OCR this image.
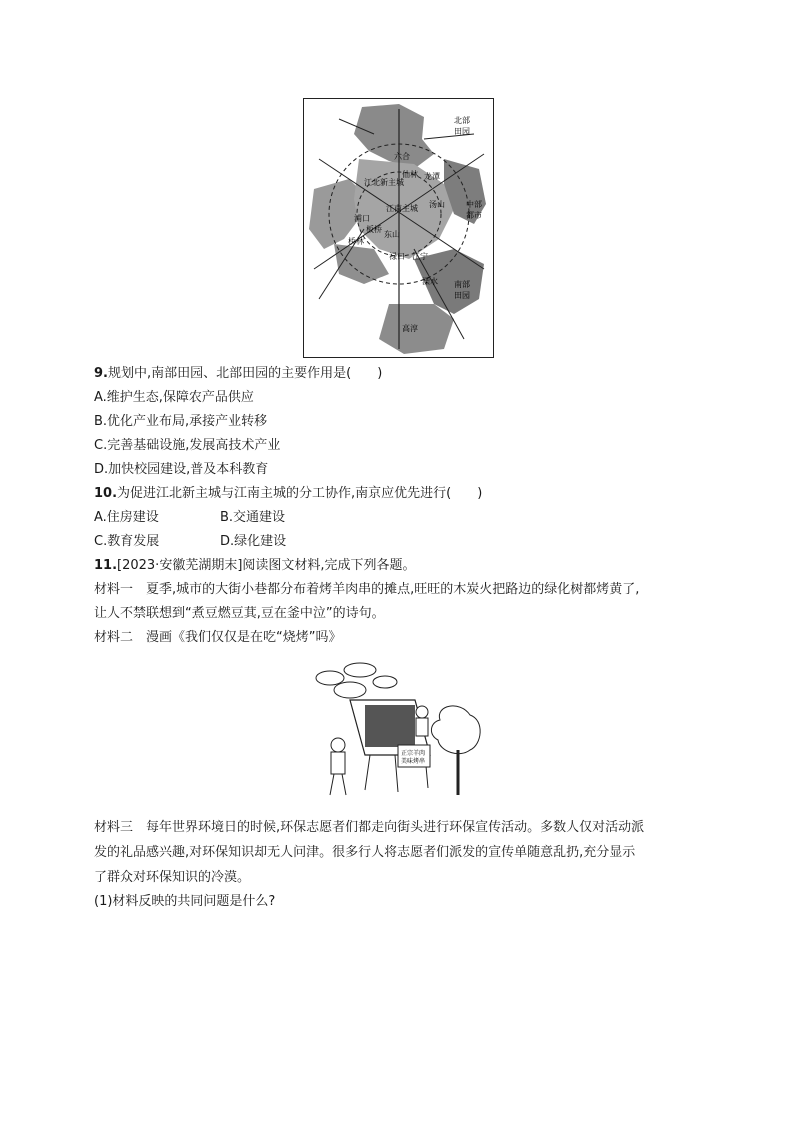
北部
田园
中部
都市
南部
田园
江北新主城
江南主城
浦口
桥林
板桥
溧水
高淳
汤山
禄口
东山
仙林
六合
龙潭
江宁
9.规划中,南部田园、北部田园的主要作用是(　　)
A.维护生态,保障农产品供应
B.优化产业布局,承接产业转移
C.完善基础设施,发展高技术产业
D.加快校园建设,普及本科教育
10.为促进江北新主城与江南主城的分工协作,南京应优先进行(　　)
A.住房建设	B.交通建设
C.教育发展	D.绿化建设
11.[2023·安徽芜湖期末]阅读图文材料,完成下列各题。
材料一　夏季,城市的大街小巷都分布着烤羊肉串的摊点,旺旺的木炭火把路边的绿化树都烤黄了,
让人不禁联想到“煮豆燃豆萁,豆在釜中泣”的诗句。
材料二　漫画《我们仅仅是在吃“烧烤”吗》
正宗羊肉
美味烤串
材料三　每年世界环境日的时候,环保志愿者们都走向街头进行环保宣传活动。多数人仅对活动派
发的礼品感兴趣,对环保知识却无人问津。很多行人将志愿者们派发的宣传单随意乱扔,充分显示
了群众对环保知识的冷漠。
(1)材料反映的共同问题是什么?
